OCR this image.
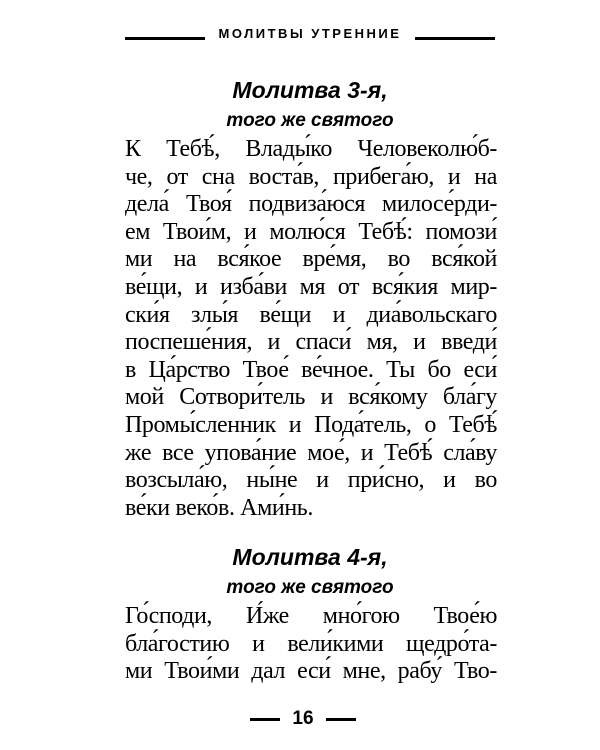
МОЛИТВЫ УТРЕННИЕ
Молитва 3-я,
того же святого
К Тебѣ́, Влады́ко Человеколю́б-
че, от сна воста́в, прибега́ю, и на
дела́ Твоя́ подвиза́юся милосе́рди-
ем Твои́м, и молю́ся Тебѣ́: помози́
ми на вся́кое вре́мя, во вся́кой
ве́щи, и изба́ви мя от вся́кия мир-
ски́я злы́я ве́щи и диа́вольскаго
поспеше́ния, и спаси́ мя, и введи́
в Ца́рство Твое́ ве́чное. Ты бо еси́
мой Сотвори́тель и вся́кому бла́гу
Промы́сленник и Пода́тель, о Тебѣ́
же все упова́ние мое́, и Тебѣ́ сла́ву
возсыла́ю, ны́не и при́сно, и во
ве́ки веко́в. Ами́нь.
Молитва 4-я,
того же святого
Го́споди, И́же мно́гою Твое́ю
бла́гостию и вели́кими щедро́та-
ми Твои́ми дал еси́ мне, рабу́ Тво-
16
